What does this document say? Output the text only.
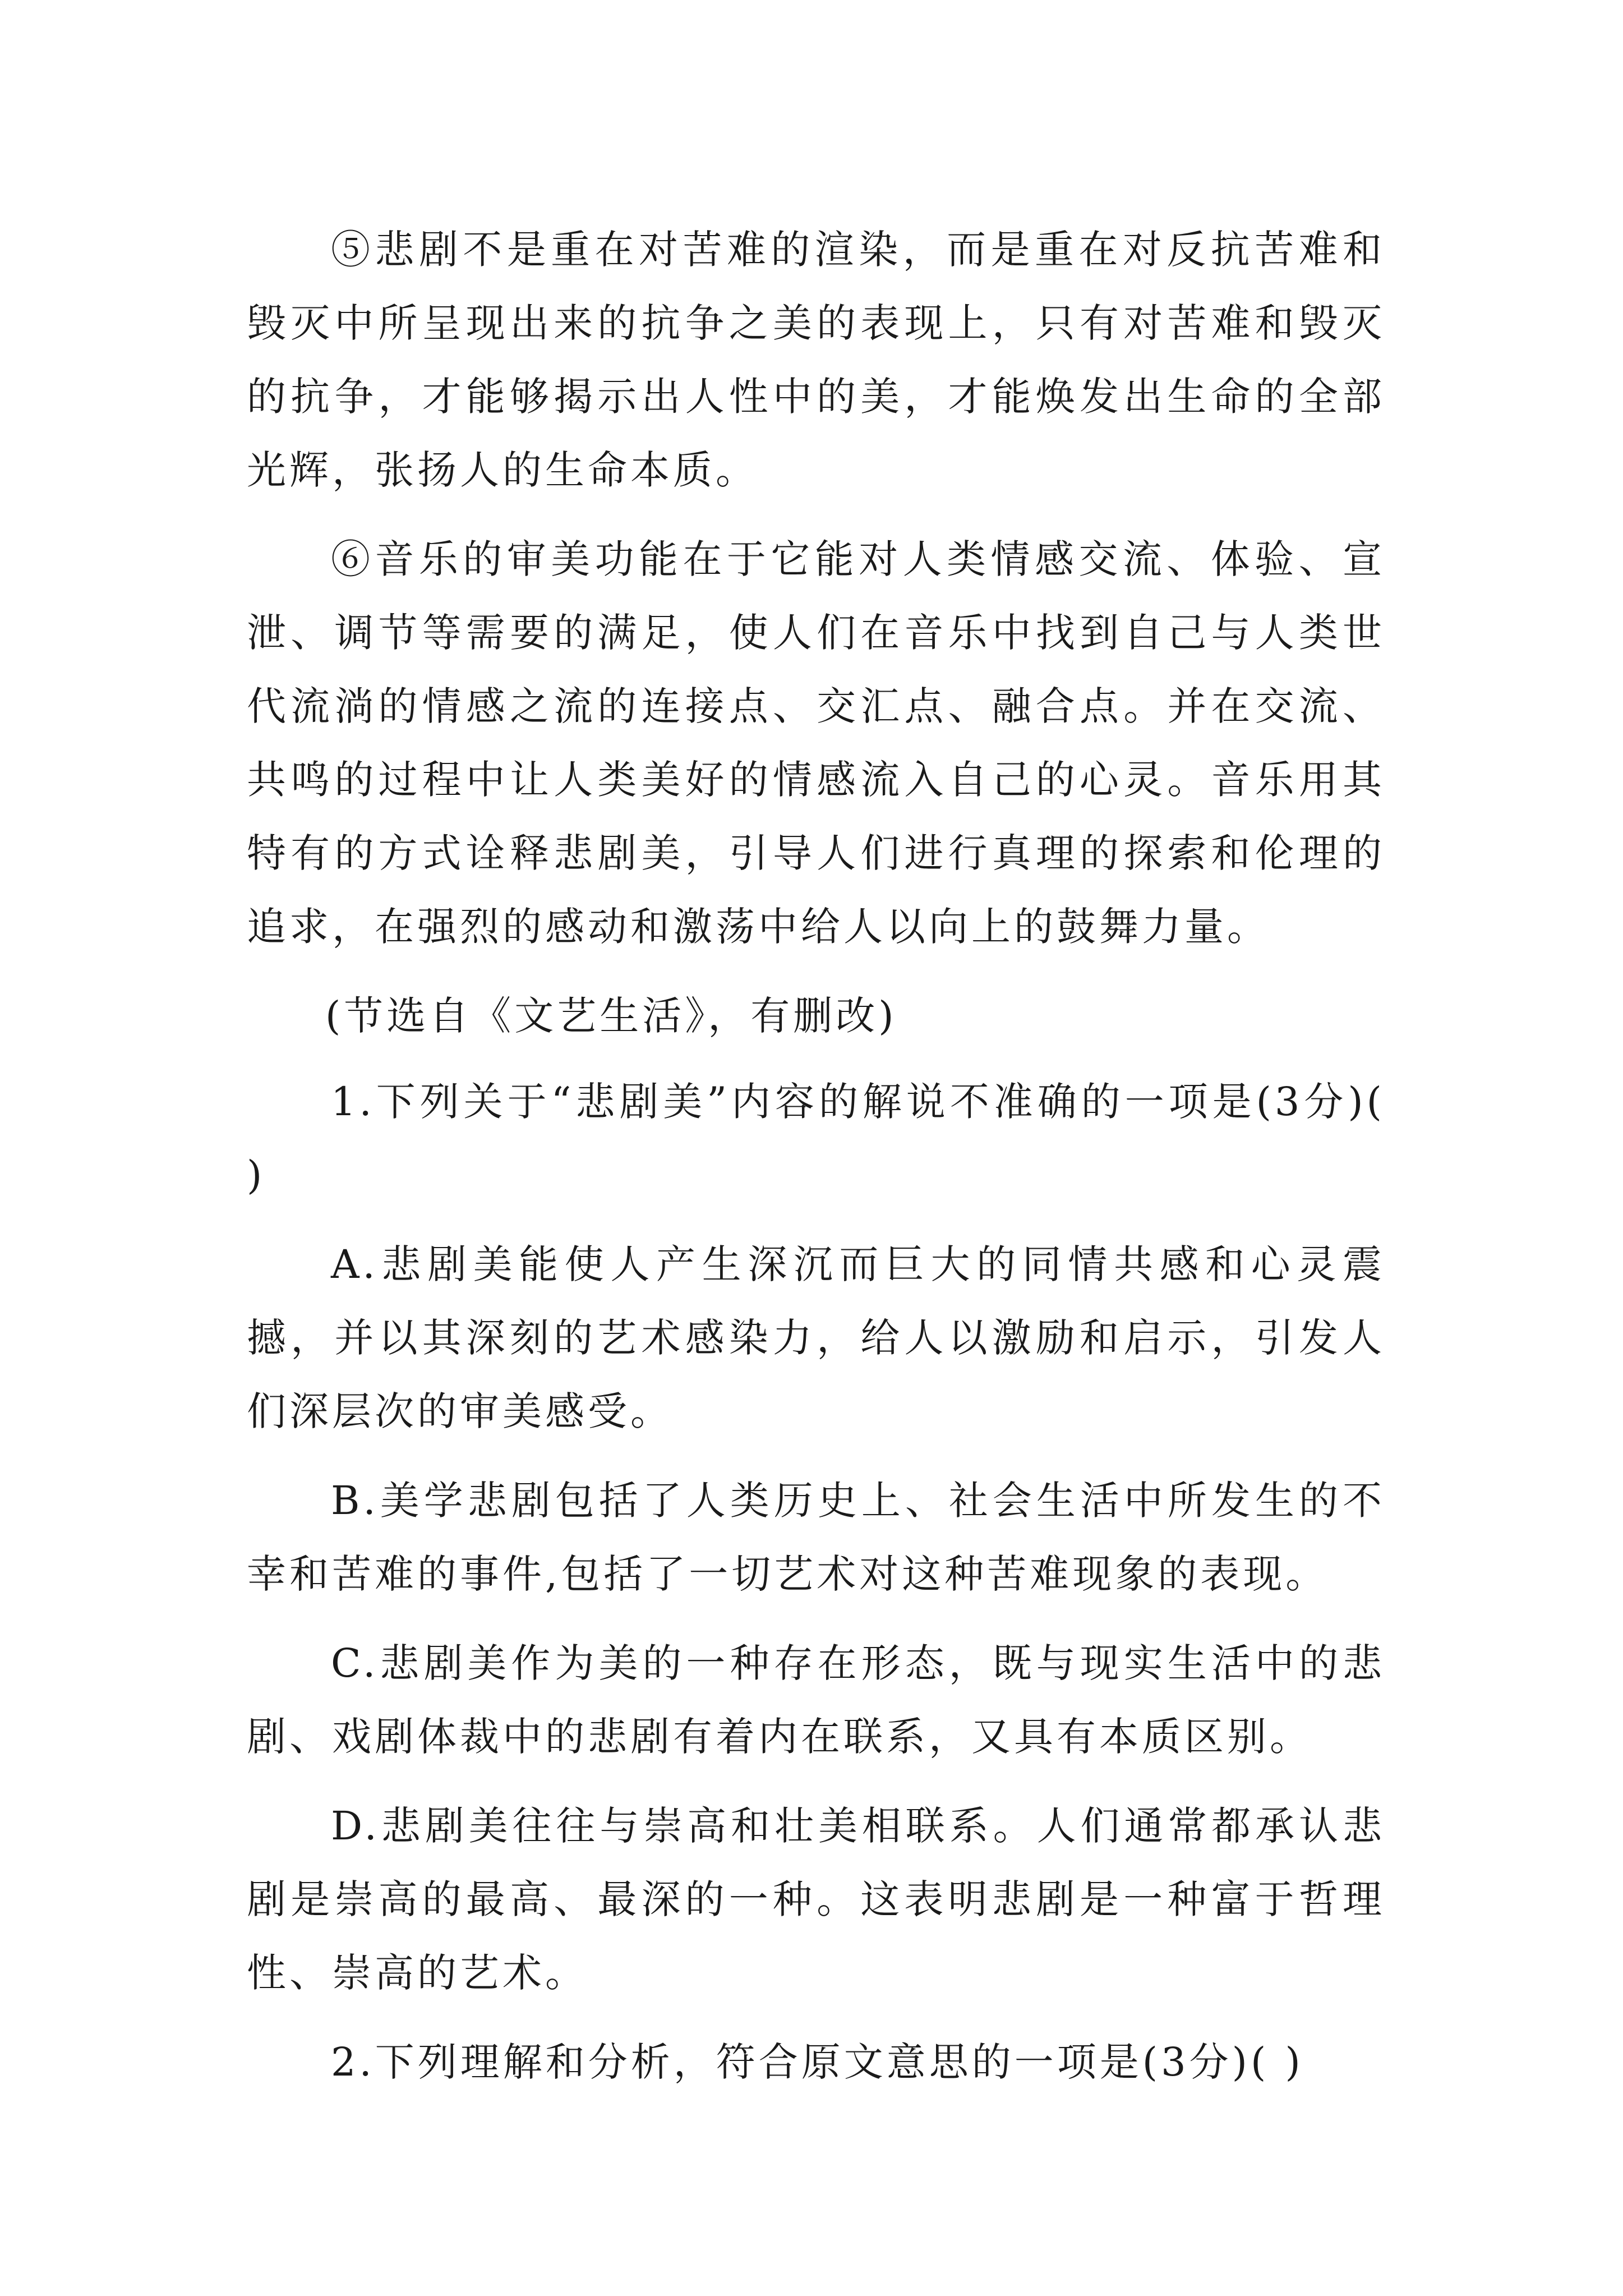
⑤悲剧不是重在对苦难的渲染，而是重在对反抗苦难和毁灭中所呈现出来的抗争之美的表现上，只有对苦难和毁灭的抗争，才能够揭示出人性中的美，才能焕发出生命的全部光辉，张扬人的生命本质。

⑥音乐的审美功能在于它能对人类情感交流、体验、宣泄、调节等需要的满足，使人们在音乐中找到自己与人类世代流淌的情感之流的连接点、交汇点、融合点。并在交流、共鸣的过程中让人类美好的情感流入自己的心灵。音乐用其特有的方式诠释悲剧美，引导人们进行真理的探索和伦理的追求，在强烈的感动和激荡中给人以向上的鼓舞力量。

(节选自《文艺生活》，有删改)

1.下列关于“悲剧美”内容的解说不准确的一项是(3分)( )

A.悲剧美能使人产生深沉而巨大的同情共感和心灵震撼，并以其深刻的艺术感染力，给人以激励和启示，引发人们深层次的审美感受。

B.美学悲剧包括了人类历史上、社会生活中所发生的不幸和苦难的事件,包括了一切艺术对这种苦难现象的表现。

C.悲剧美作为美的一种存在形态，既与现实生活中的悲剧、戏剧体裁中的悲剧有着内在联系，又具有本质区别。

D.悲剧美往往与崇高和壮美相联系。人们通常都承认悲剧是崇高的最高、最深的一种。这表明悲剧是一种富于哲理性、崇高的艺术。

2.下列理解和分析，符合原文意思的一项是(3分)( )
